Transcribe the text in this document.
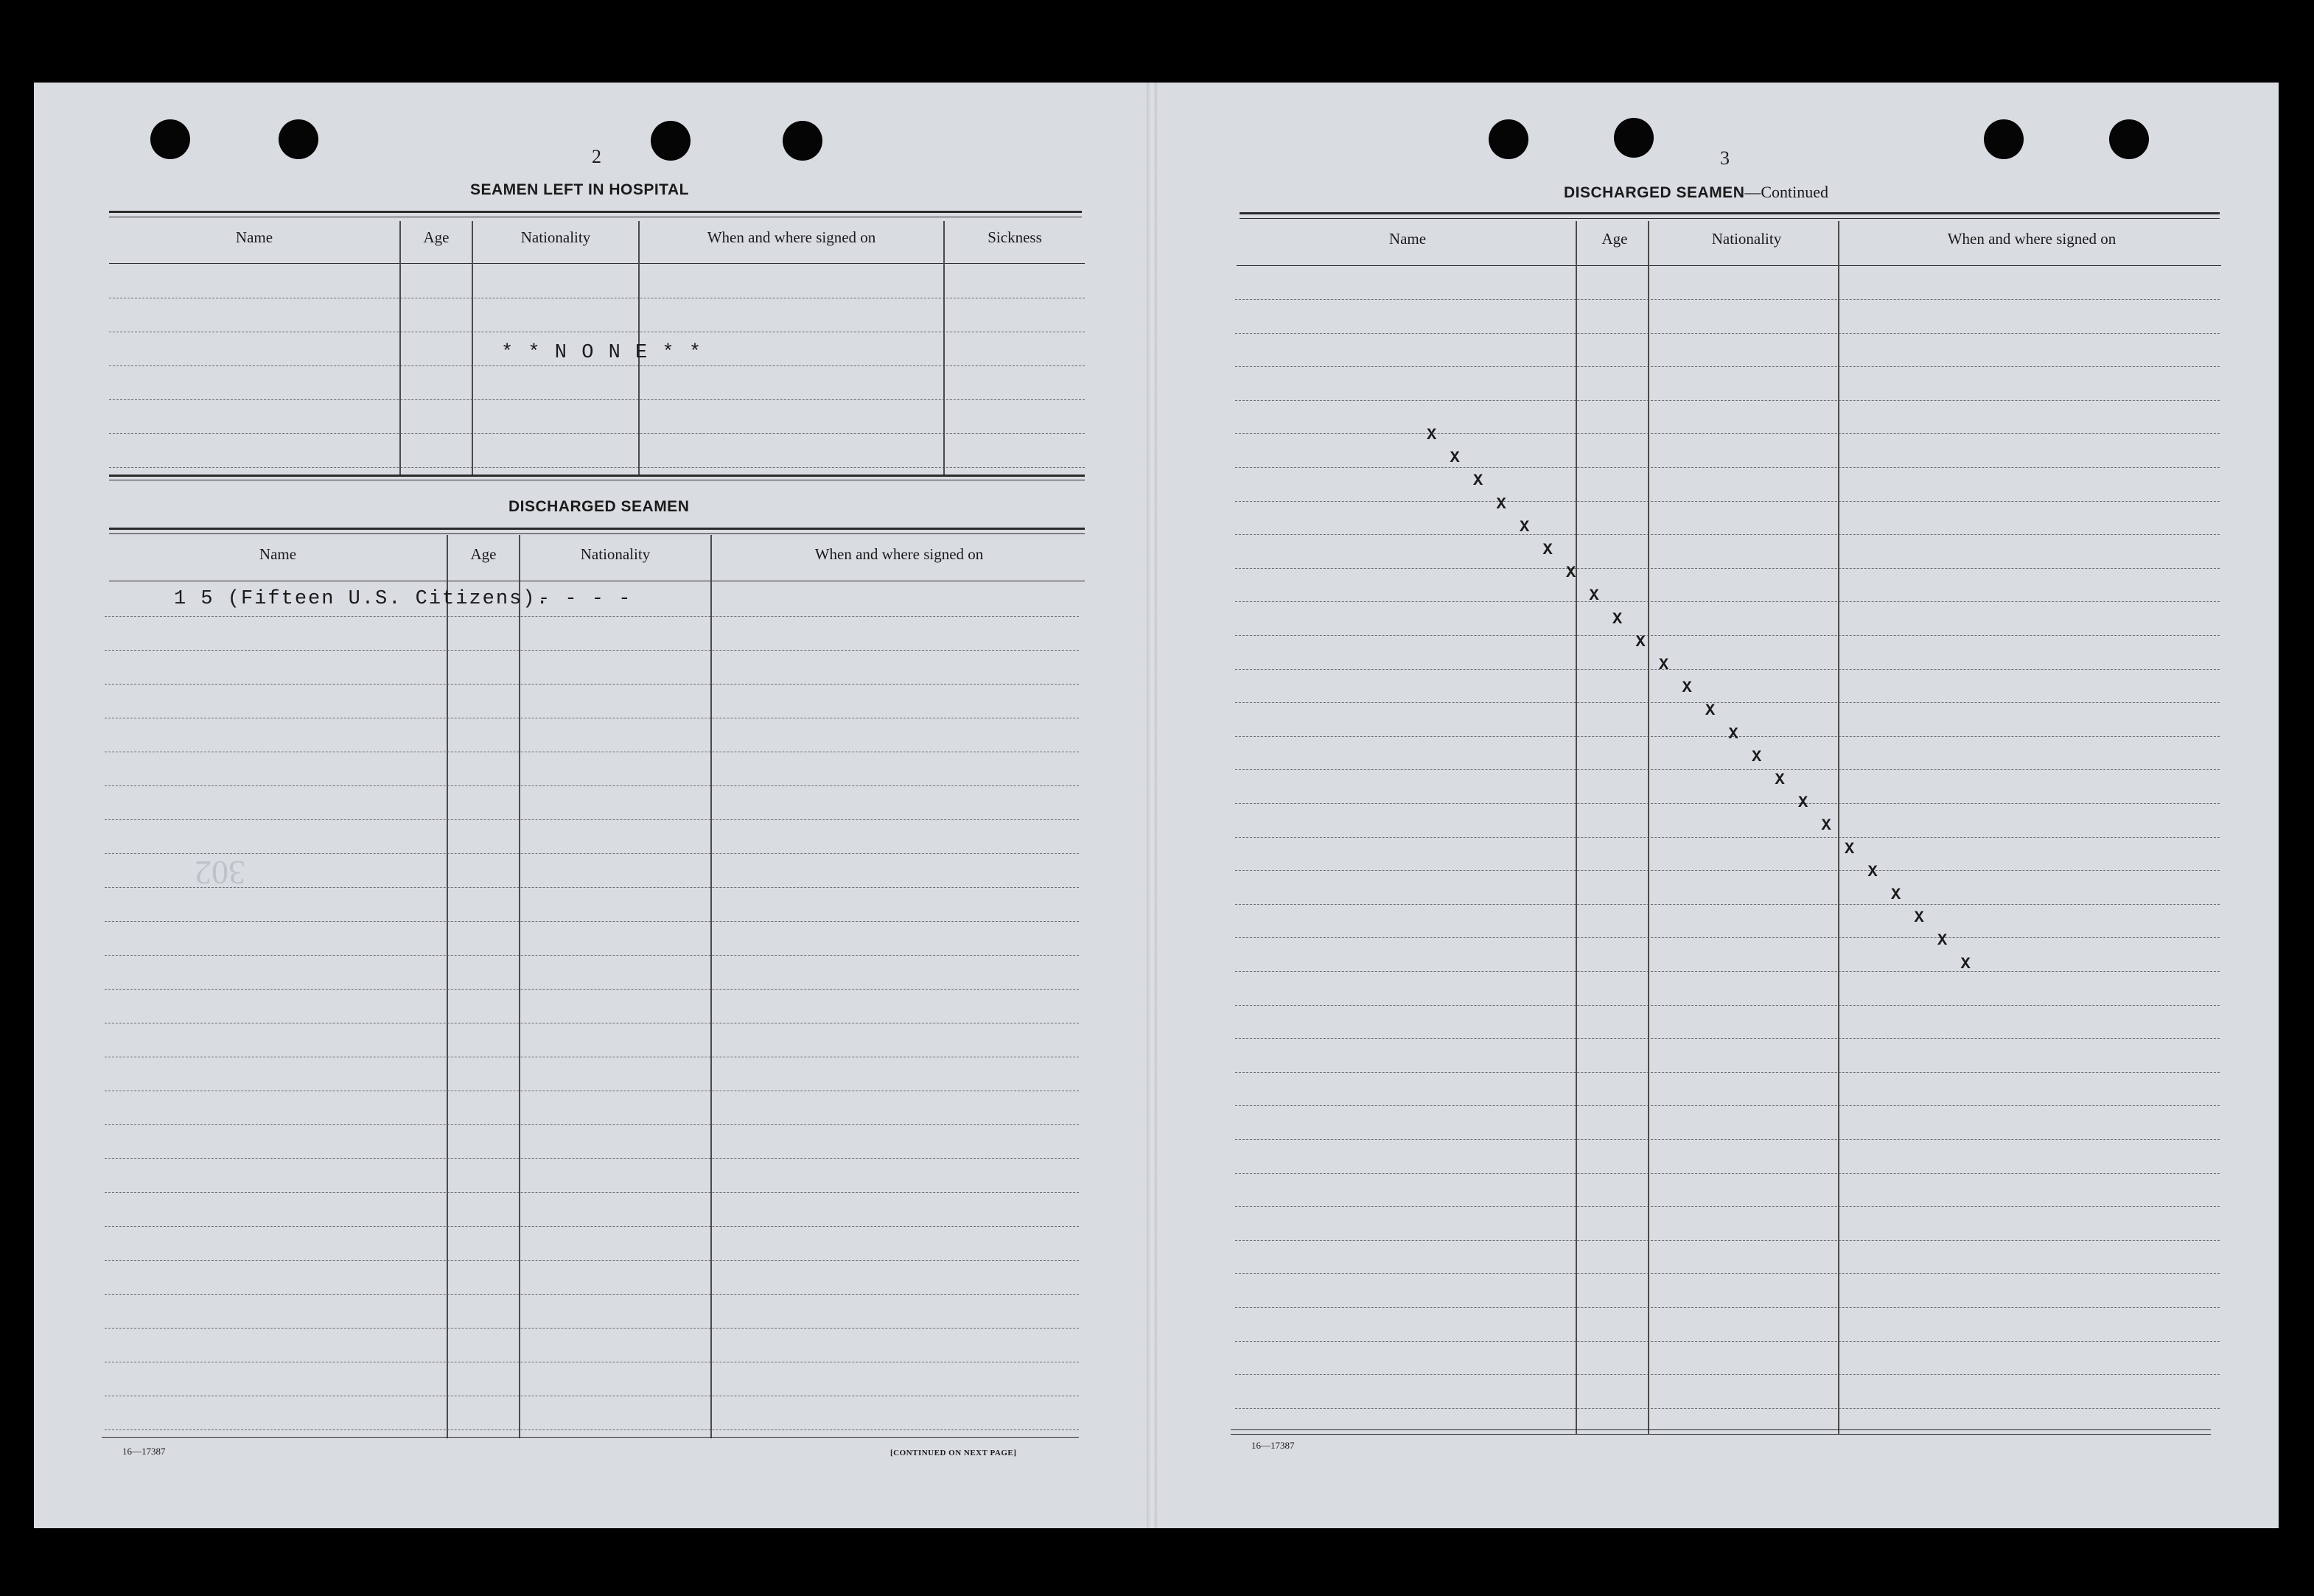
2
SEAMEN LEFT IN HOSPITAL
Name	Age	Nationality	When and where signed on	Sickness
* * N O N E * *
DISCHARGED SEAMEN
Name	Age	Nationality	When and where signed on
1 5 (Fifteen U.S. Citizens).
- - - -
302
16—17387	[CONTINUED ON NEXT PAGE]
3
DISCHARGED SEAMEN—Continued
Name	Age	Nationality	When and where signed on
X
X
X
X
X
X
X
X
X
X
X
X
X
X
X
X
X
X
X
X
X
X
X
X
16—17387
